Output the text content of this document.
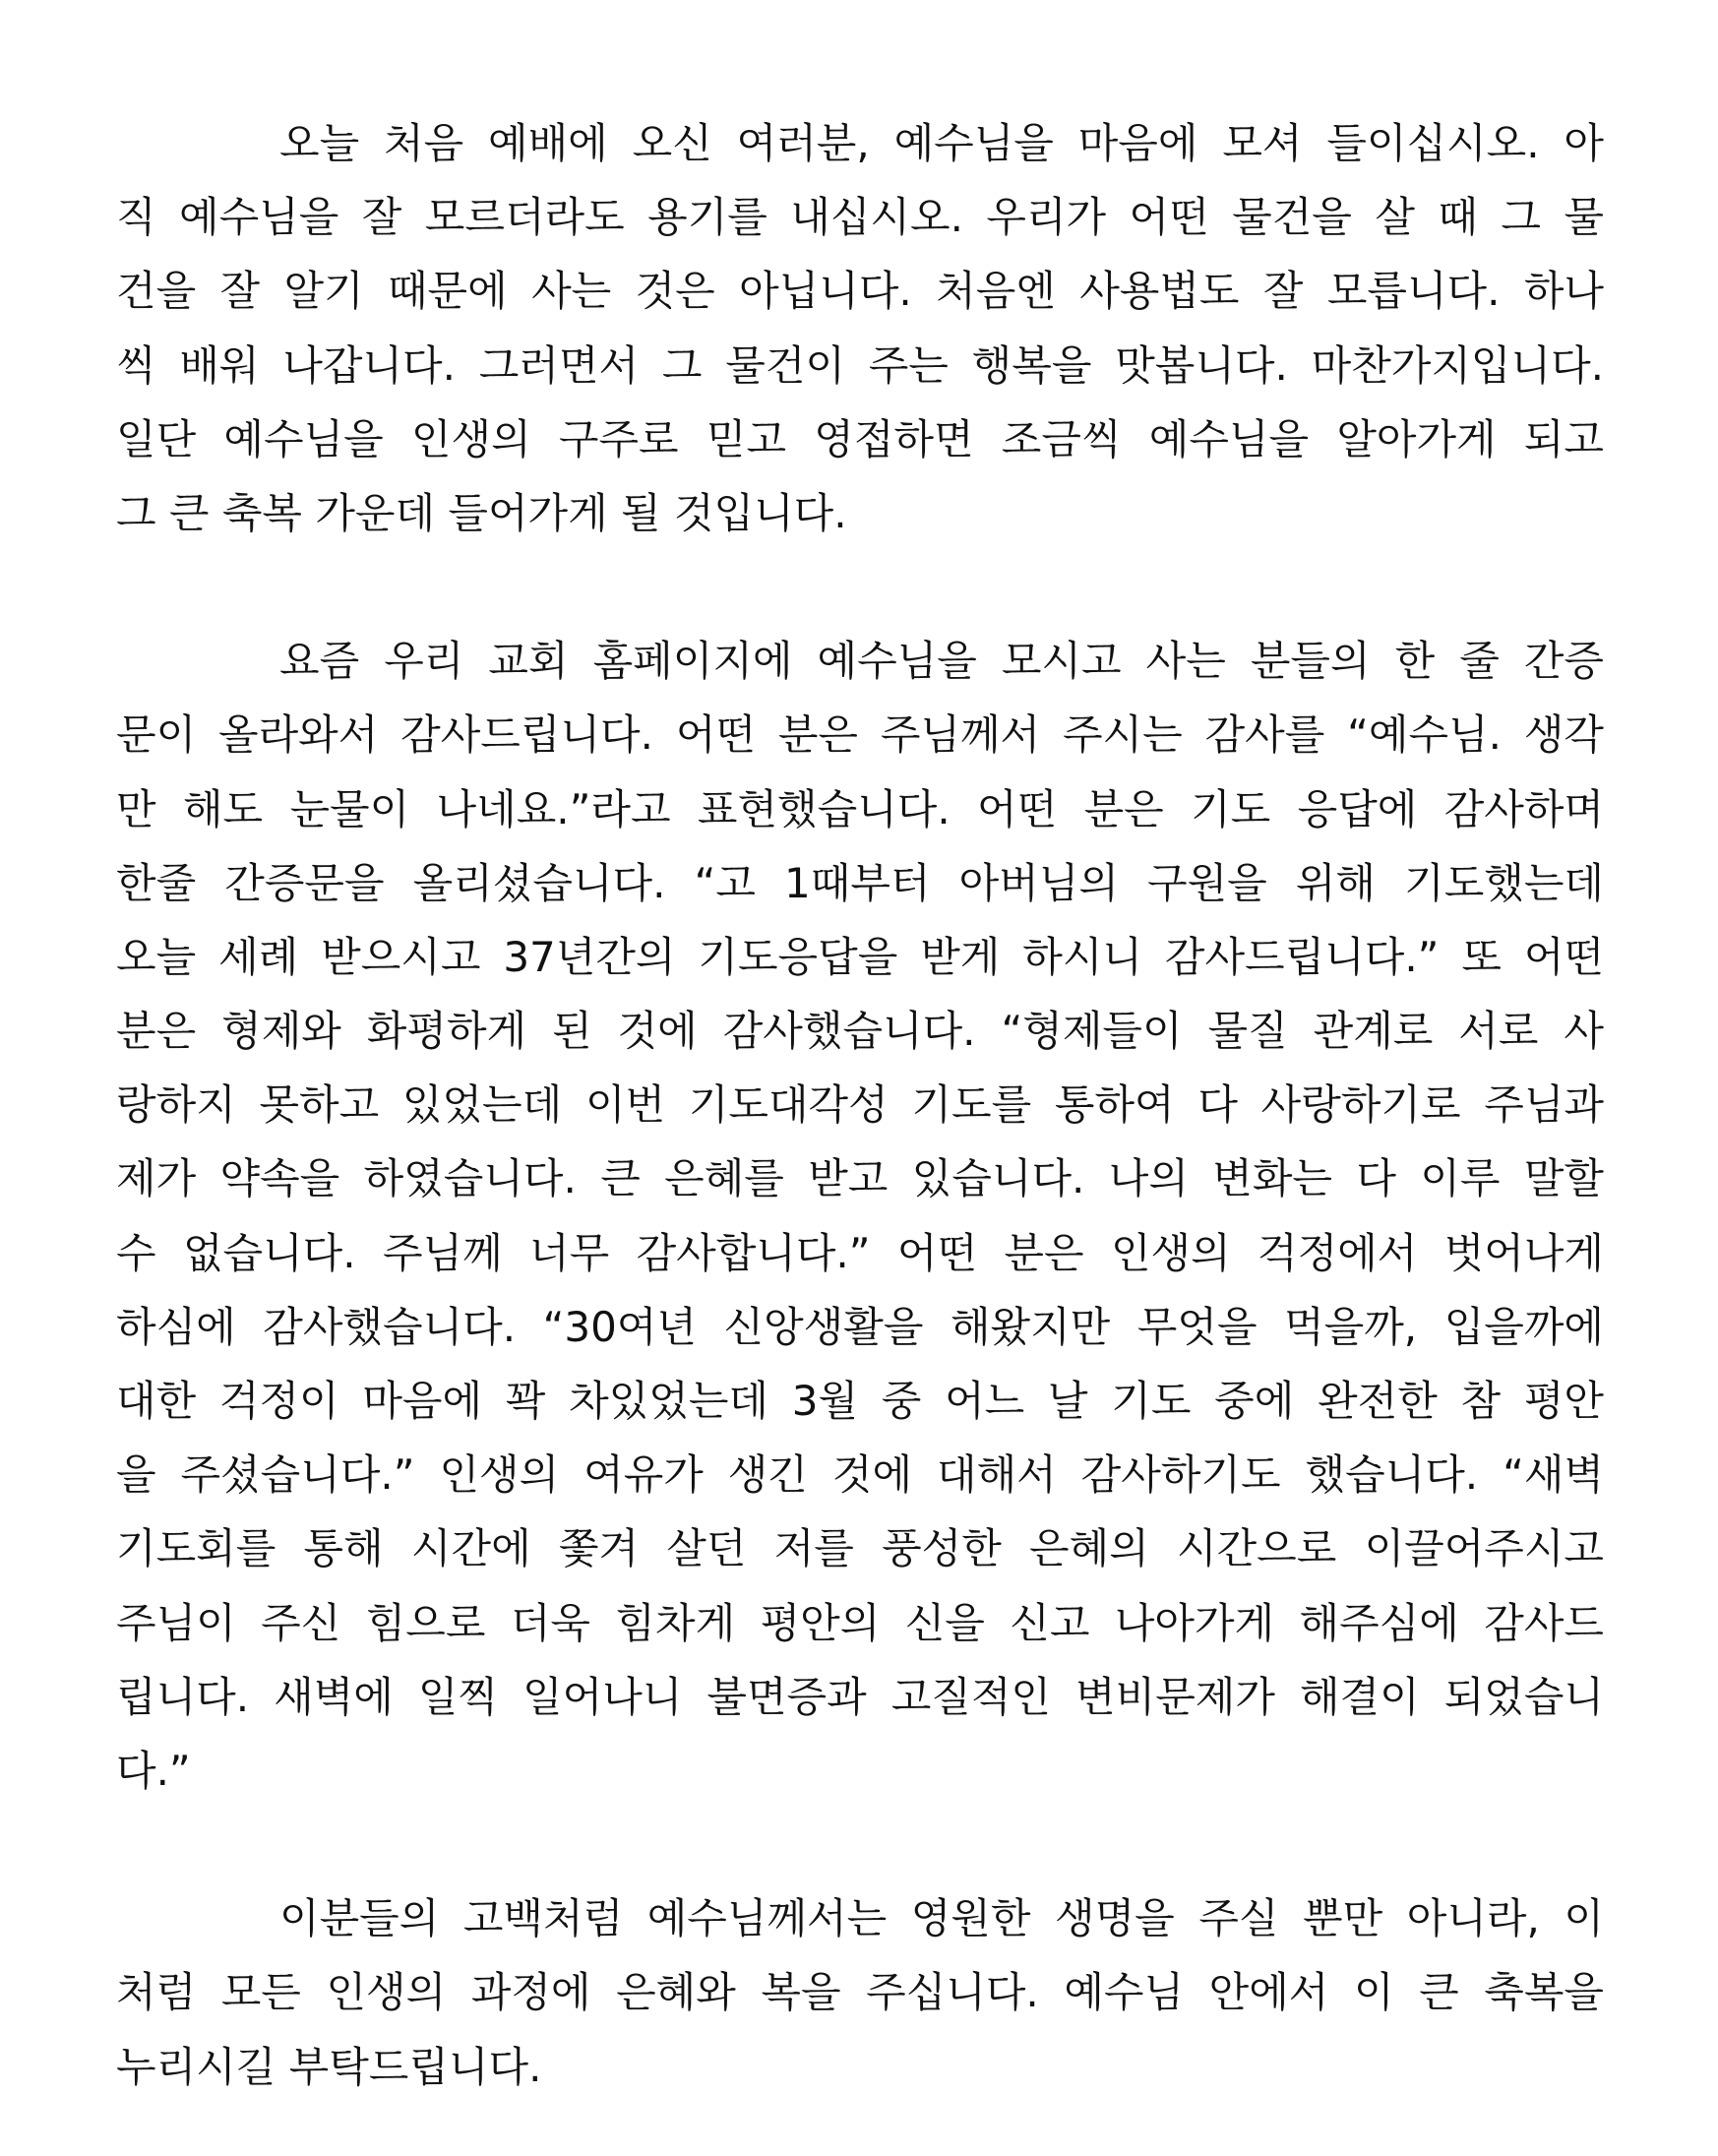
오늘 처음 예배에 오신 여러분, 예수님을 마음에 모셔 들이십시오. 아
직 예수님을 잘 모르더라도 용기를 내십시오. 우리가 어떤 물건을 살 때 그 물
건을 잘 알기 때문에 사는 것은 아닙니다. 처음엔 사용법도 잘 모릅니다. 하나
씩 배워 나갑니다. 그러면서 그 물건이 주는 행복을 맛봅니다. 마찬가지입니다.
일단 예수님을 인생의 구주로 믿고 영접하면 조금씩 예수님을 알아가게 되고
그 큰 축복 가운데 들어가게 될 것입니다.
요즘 우리 교회 홈페이지에 예수님을 모시고 사는 분들의 한 줄 간증
문이 올라와서 감사드립니다. 어떤 분은 주님께서 주시는 감사를 “예수님. 생각
만 해도 눈물이 나네요.”라고 표현했습니다. 어떤 분은 기도 응답에 감사하며
한줄 간증문을 올리셨습니다. “고 1때부터 아버님의 구원을 위해 기도했는데
오늘 세례 받으시고 37년간의 기도응답을 받게 하시니 감사드립니다.” 또 어떤
분은 형제와 화평하게 된 것에 감사했습니다. “형제들이 물질 관계로 서로 사
랑하지 못하고 있었는데 이번 기도대각성 기도를 통하여 다 사랑하기로 주님과
제가 약속을 하였습니다. 큰 은혜를 받고 있습니다. 나의 변화는 다 이루 말할
수 없습니다. 주님께 너무 감사합니다.” 어떤 분은 인생의 걱정에서 벗어나게
하심에 감사했습니다. “30여년 신앙생활을 해왔지만 무엇을 먹을까, 입을까에
대한 걱정이 마음에 꽉 차있었는데 3월 중 어느 날 기도 중에 완전한 참 평안
을 주셨습니다.” 인생의 여유가 생긴 것에 대해서 감사하기도 했습니다. “새벽
기도회를 통해 시간에 쫓겨 살던 저를 풍성한 은혜의 시간으로 이끌어주시고
주님이 주신 힘으로 더욱 힘차게 평안의 신을 신고 나아가게 해주심에 감사드
립니다. 새벽에 일찍 일어나니 불면증과 고질적인 변비문제가 해결이 되었습니
다.”
이분들의 고백처럼 예수님께서는 영원한 생명을 주실 뿐만 아니라, 이
처럼 모든 인생의 과정에 은혜와 복을 주십니다. 예수님 안에서 이 큰 축복을
누리시길 부탁드립니다.
